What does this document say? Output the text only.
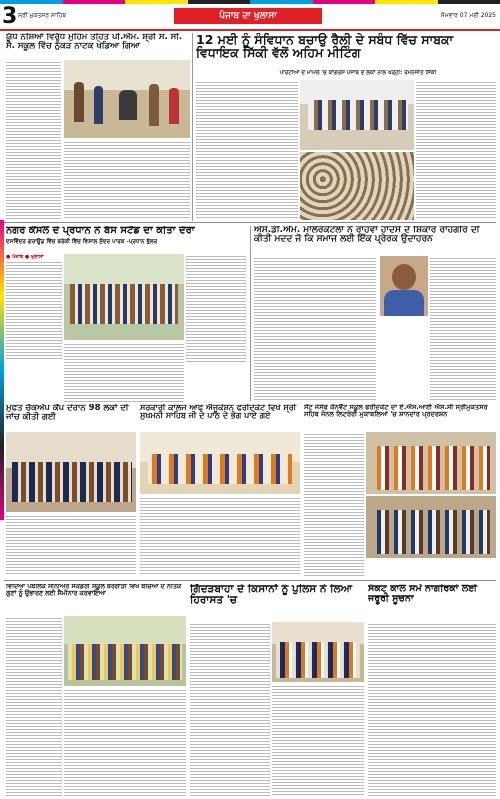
3 ਸ੍ਰੀ ਮੁਕਤਸਰ ਸਾਹਿਬ	ਪੰਜਾਬ ਦਾ ਖੁਲਾਸਾ	ਸੋਮਵਾਰ 07 ਮਈ 2025
ਯੁੱਧ ਨਸ਼ਿਆਂ ਵਿਰੁੱਧ ਮੁਹਿੰਮ ਤਹਿਤ ਪੀ.ਐੱਮ. ਸ਼੍ਰੀ ਸ. ਸੀ. ਸੈ. ਸਕੂਲ ਵਿੱਚ ਨੁੱਕੜ ਨਾਟਕ ਖੇਡਿਆ ਗਿਆ	12 ਮਈ ਨੂੰ ਸੰਵਿਧਾਨ ਬਚਾਉ ਰੈਲੀ ਦੇ ਸਬੰਧ ਵਿੱਚ ਸਾਬਕਾ ਵਿਧਾਇਕ ਸਿੱਕੀ ਵੱਲੋਂ ਅਹਿਮ ਮੀਟਿੰਗ
ਪਾਰਟੀਆਂ ਦੇ ਮਾਮਲੇ 'ਚ ਕਾਂਗਰਸ ਪੰਜਾਬ ਦੇ ਲੋਕਾਂ ਨਾਲ ਖੜ੍ਹੀ: ਰਮਨਜੀਤ ਸਿੱਕੀ
ਨਗਰ ਕੌਂਸਲ ਦੇ ਪ੍ਰਧਾਨ ਨੇ ਬੱਸ ਸਟੈਂਡ ਦਾ ਕੀਤਾ ਦੌਰਾ
ਦਸਵਿੰਦਰ ਗਰਾਊਂਡ ਵਿੱਚ ਬਰੇਕੀ ਵਿੱਚ ਵਿਸ਼ਾਲ ਸੁੰਦਰ ਪਾਰਕ -ਪ੍ਰਧਾਨ ਭੁੱਲਰ
● ਪੰਜਾਬ ● ਖੁਲਾਸਾ
ਐਸ.ਡੀ.ਐਮ. ਮਾਲੇਰਕੋਟਲਾ ਨੇ ਰਾਹਵਾਂ ਹਾਦਸੇ ਦੇ ਸ਼ਿਕਾਰ ਰਾਹਗੀਰ ਦੀ ਕੀਤੀ ਮਦਦ ਜੋ ਕਿ ਸਮਾਜ ਲਈ ਇੱਕ ਪ੍ਰੇਰਕ ਉਦਾਹਰਨ
ਮੁਫਤ ਚੈੱਕਅੱਪ ਕੈਂਪ ਦੌਰਾਨ 98 ਲੋਕਾਂ ਦੀ ਜਾਂਚ ਕੀਤੀ ਗਈ
ਸਰਕਾਰੀ ਕਾਲਜ ਆਫ ਐਜੂਕੇਸ਼ਨ ਫਰੀਦਕੋਟ ਵਿਖੇ ਸ੍ਰੀ ਸੁਖਮਨੀ ਸਾਹਿਬ ਜੀ ਦੇ ਪਾਠ ਦੇ ਭੋਗ ਪਾਏ ਗਏ
ਸੇਂਟ ਜੋਸੇਫ ਕੌਨਵੈਂਟ ਸਕੂਲ ਫਰੀਦਕੋਟ ਦਾ ਏ.ਐਸ.ਆਈ ਐਸ.ਸੀ ਸ੍ਰੀਮੁਕਤਸਰ ਸਹਿਬ ਜੋਨਲ ਲਿਟਰੇਰੀ ਮੁਕਾਬਲਿਆਂ 'ਚ ਸ਼ਾਨਦਾਰ ਪ੍ਰਦਰਸ਼ਨ
ਵਿਦਿਆ ਪਬਲਿਕ ਸੀਨੀਅਰ ਸੈਕੰਡਰੀ ਸਕੂਲ ਬਰਗਾੜੀ ਵਿਖੇ ਬੱਚਿਆਂ ਦੇ ਨੈਤਿਕ ਗੁਣਾਂ ਨੂੰ ਉਭਾਰਣ ਲਈ ਸੈਮੀਨਾਰ ਕਰਵਾਇਆ	ਗਿੱਦੜਬਾਹਾ ਦੇ ਕਿਸਾਨਾਂ ਨੂੰ ਪੁਲਿਸ ਨੇ ਲਿਆ ਹਿਰਾਸਤ 'ਚ
ਸੰਕਟ ਕਾਲ ਸਮੇਂ ਨਾਗਰਿਕਾਂ ਲਈ ਜਰੂਰੀ ਸੂਚਨਾ
